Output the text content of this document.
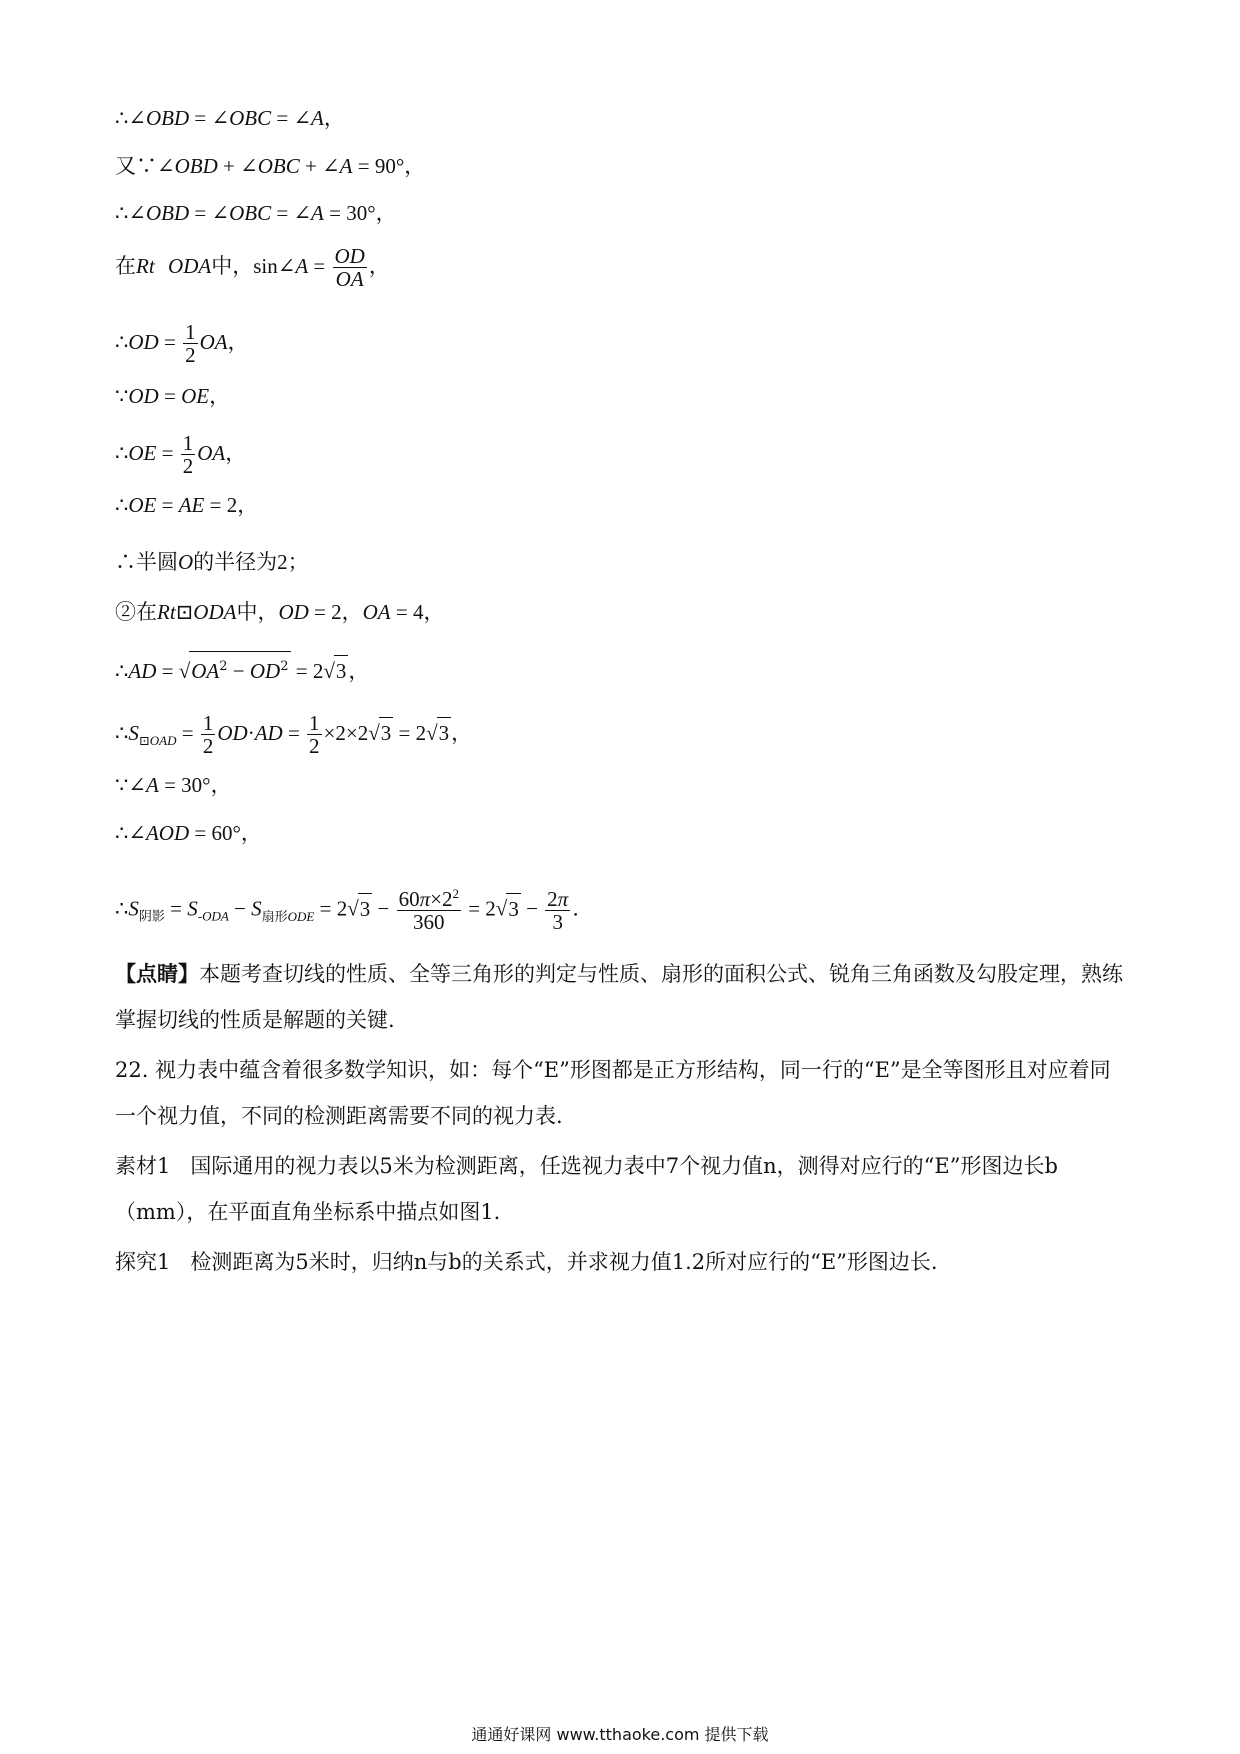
∴∠OBD = ∠OBC = ∠A，
又∵∠OBD + ∠OBC + ∠A = 90°，
∴∠OBD = ∠OBC = ∠A = 30°，
在Rt ODA中，sin∠A = $\frac{OD}{OA}$ ，
∴OD = $\frac{1}{2}$ OA，
∵OD = OE，
∴OE = $\frac{1}{2}$ OA，
∴OE = AE = 2，
∴半圆O的半径为2；
②在Rt⊡ODA中，OD = 2，OA = 4，
∴AD = $√OA^2 - OD^2 = 2√3$，
$\therefore S_{⊡OAD} = \frac{1}{2} OD\cdot AD = \frac{1}{2} \times 2\times 2√3 = 2√3$，
∵∠A = 30°，
∴∠AOD = 60°，
$\therefore S_{阴影} = S_{-ODA} - S_{扇形ODE} = 2√3 - \frac{60\pi\times 2^2}{360} = 2√3 - \frac{2\pi}{3}$ .
【点睛】本题考查切线的性质、全等三角形的判定与性质、扇形的面积公式、锐角三角函数及勾股定理，熟练掌握切线的性质是解题的关键.
22. 视力表中蕴含着很多数学知识，如：每个“E”形图都是正方形结构，同一行的“E”是全等图形且对应着同一个视力值，不同的检测距离需要不同的视力表.
素材1 国际通用的视力表以5米为检测距离，任选视力表中7个视力值n，测得对应行的“E”形图边长b（mm），在平面直角坐标系中描点如图1.
探究1 检测距离为5米时，归纳n与b的关系式，并求视力值1.2所对应行的“E”形图边长.
通通好课网 www.tthaoke.com 提供下载
